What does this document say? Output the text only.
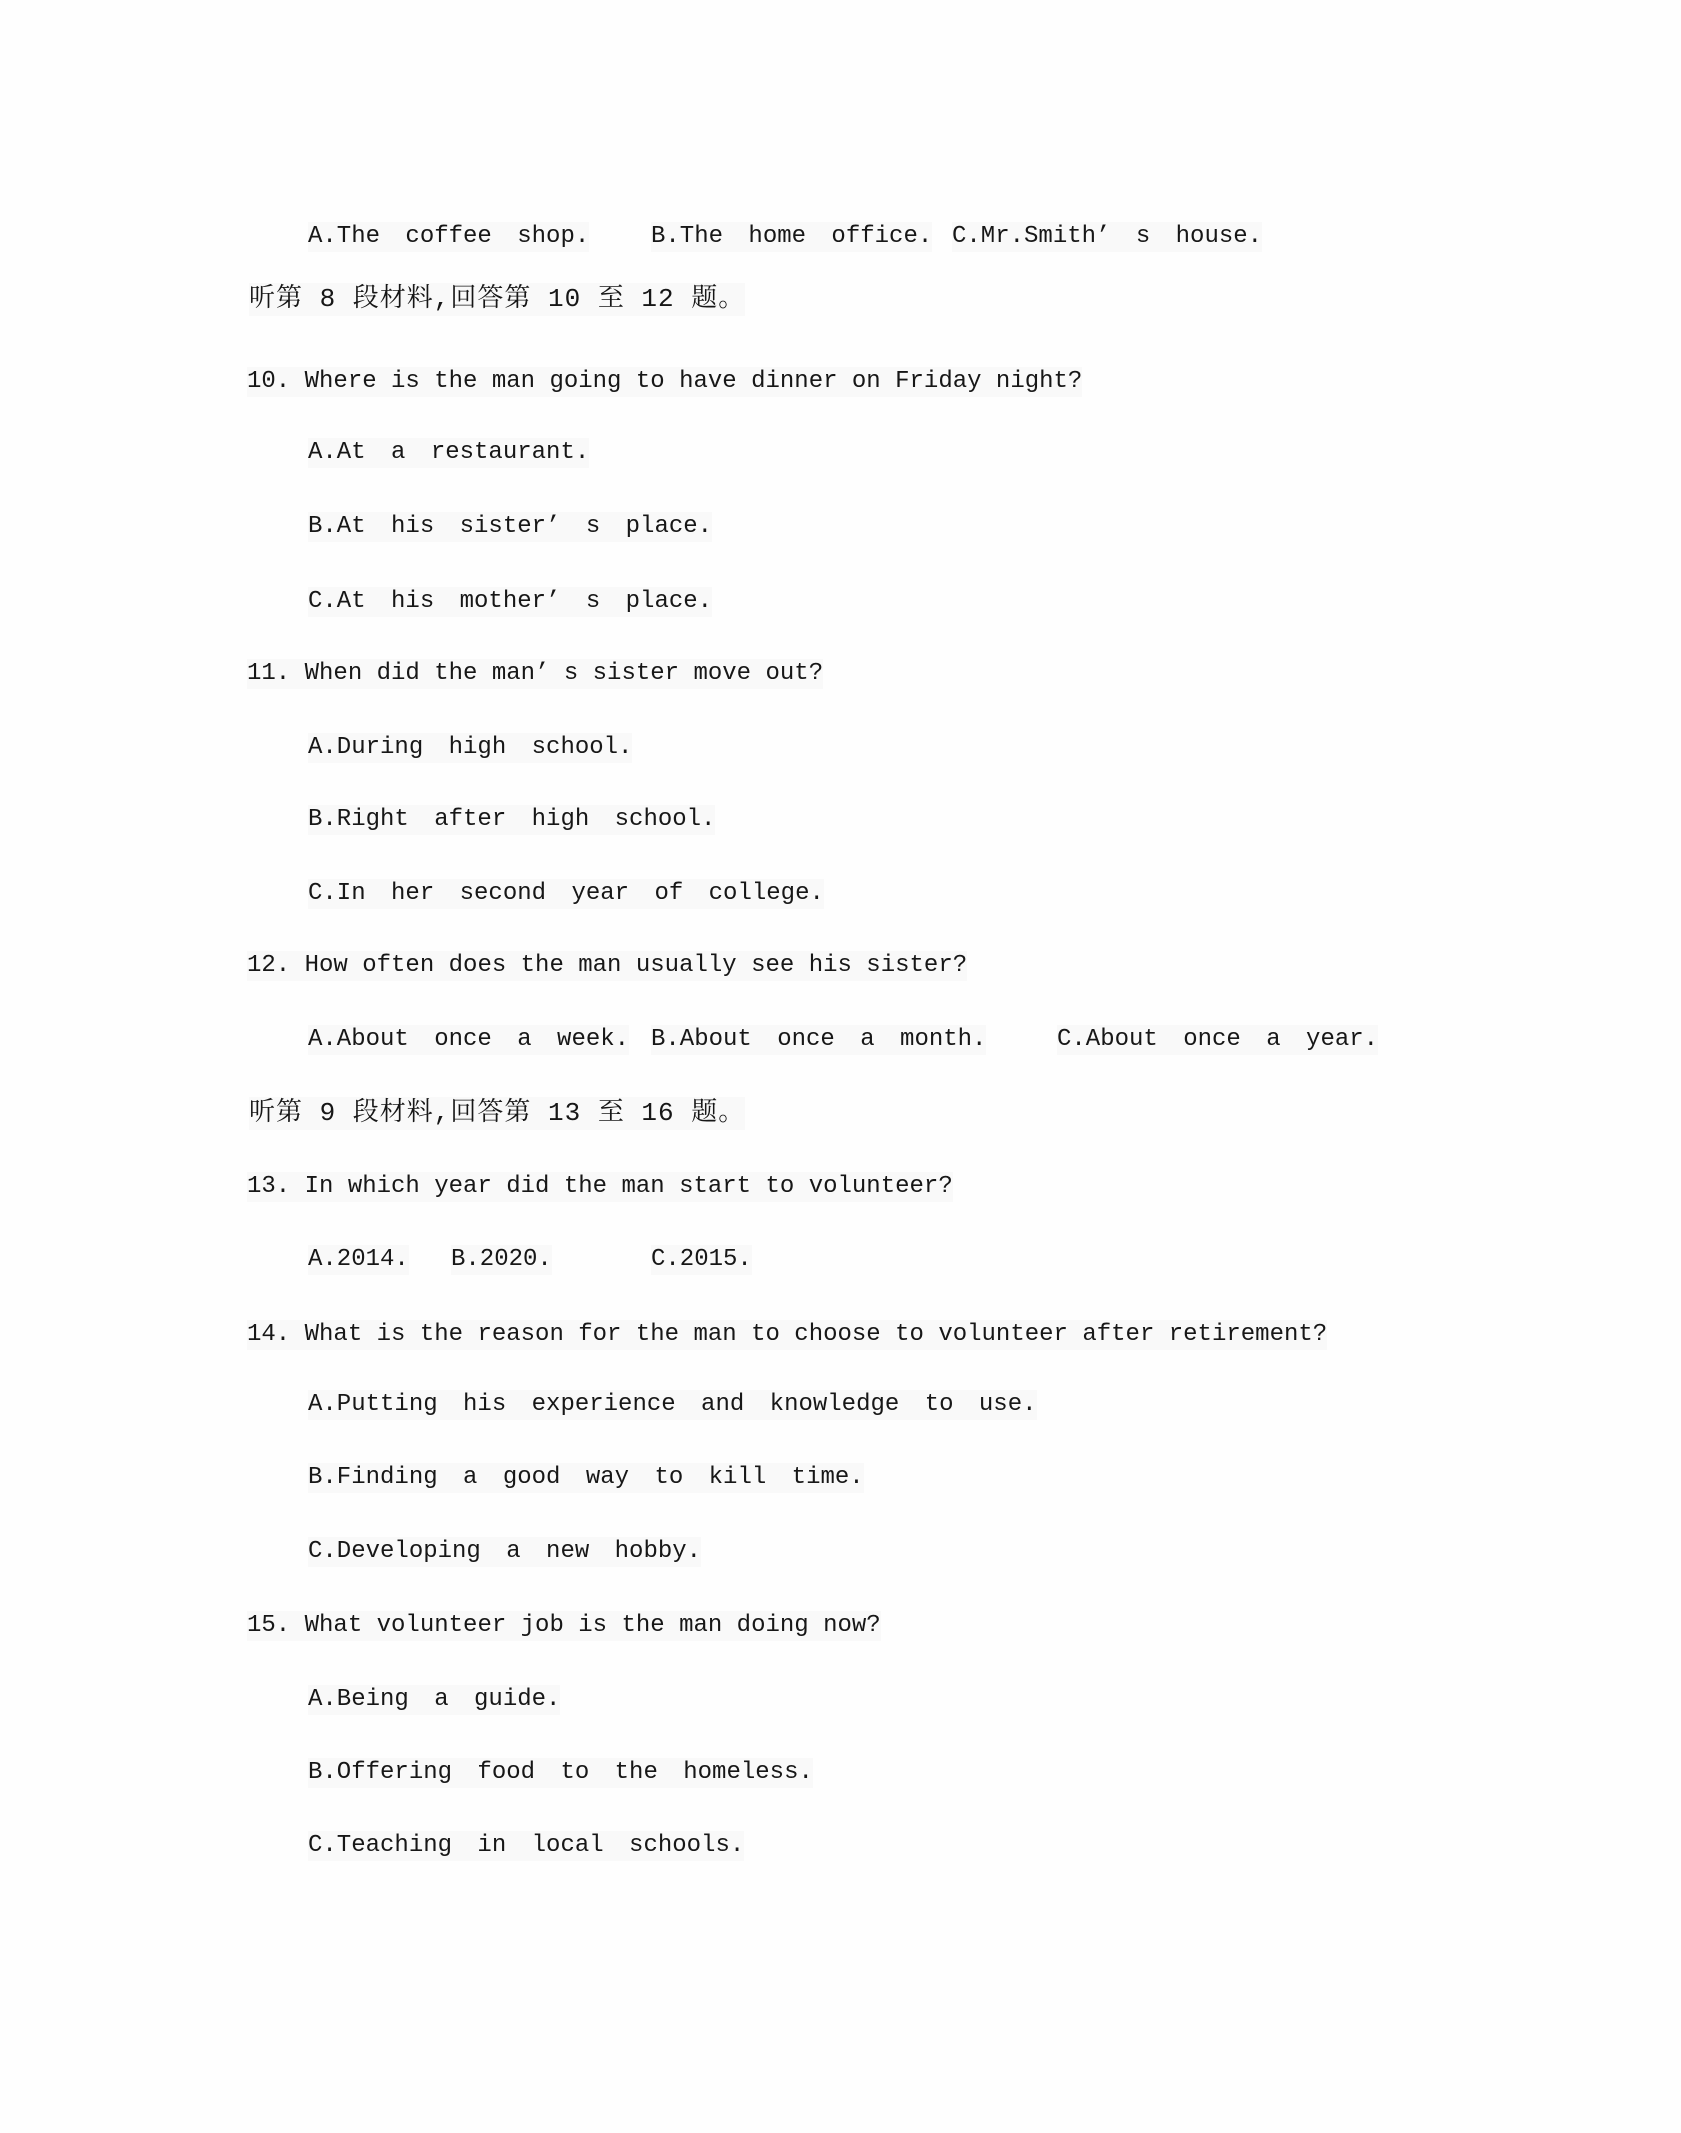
A.The coffee shop.	B.The home office. C.Mr.Smith’ s house.
听第 8 段材料,回答第 10 至 12 题。
10. Where is the man going to have dinner on Friday night?
A.At a restaurant.
B.At his sister’ s place.
C.At his mother’ s place.
11. When did the man’ s sister move out?
A.During high school.
B.Right after high school.
C.In her second year of college.
12. How often does the man usually see his sister?
A.About once a week. B.About once a month.	C.About once a year.
听第 9 段材料,回答第 13 至 16 题。
13. In which year did the man start to volunteer?
A.2014. B.2020.	C.2015.
14. What is the reason for the man to choose to volunteer after retirement?
A.Putting his experience and knowledge to use.
B.Finding a good way to kill time.
C.Developing a new hobby.
15. What volunteer job is the man doing now?
A.Being a guide.
B.Offering food to the homeless.
C.Teaching in local schools.
